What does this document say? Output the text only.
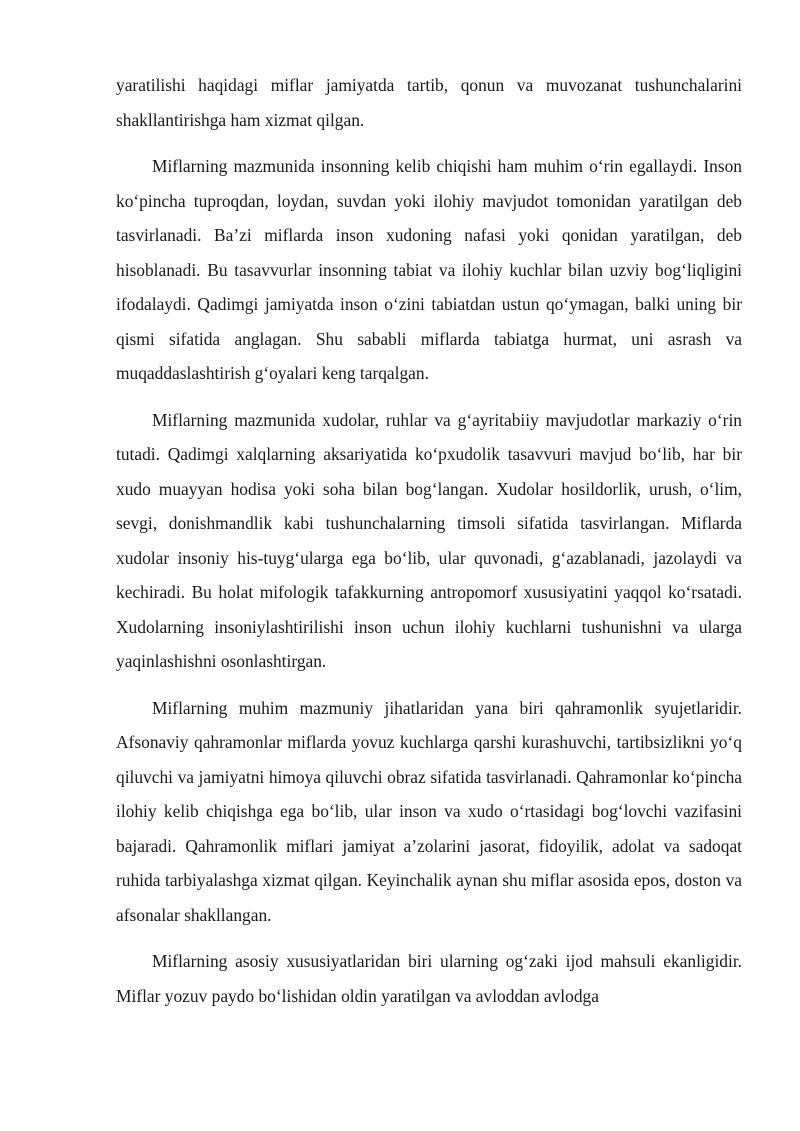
yaratilishi haqidagi miflar jamiyatda tartib, qonun va muvozanat tushunchalarini shakllantirishga ham xizmat qilgan.

Miflarning mazmunida insonning kelib chiqishi ham muhim o‘rin egallaydi. Inson ko‘pincha tuproqdan, loydan, suvdan yoki ilohiy mavjudot tomonidan yaratilgan deb tasvirlanadi. Ba’zi miflarda inson xudoning nafasi yoki qonidan yaratilgan, deb hisoblanadi. Bu tasavvurlar insonning tabiat va ilohiy kuchlar bilan uzviy bog‘liqligini ifodalaydi. Qadimgi jamiyatda inson o‘zini tabiatdan ustun qo‘ymagan, balki uning bir qismi sifatida anglagan. Shu sababli miflarda tabiatga hurmat, uni asrash va muqaddaslashtirish g‘oyalari keng tarqalgan.

Miflarning mazmunida xudolar, ruhlar va g‘ayritabiiy mavjudotlar markaziy o‘rin tutadi. Qadimgi xalqlarning aksariyatida ko‘pxudolik tasavvuri mavjud bo‘lib, har bir xudo muayyan hodisa yoki soha bilan bog‘langan. Xudolar hosildorlik, urush, o‘lim, sevgi, donishmandlik kabi tushunchalarning timsoli sifatida tasvirlangan. Miflarda xudolar insoniy his-tuyg‘ularga ega bo‘lib, ular quvonadi, g‘azablanadi, jazolaydi va kechiradi. Bu holat mifologik tafakkurning antropomorf xususiyatini yaqqol ko‘rsatadi. Xudolarning insoniylashtirilishi inson uchun ilohiy kuchlarni tushunishni va ularga yaqinlashishni osonlashtirgan.

Miflarning muhim mazmuniy jihatlaridan yana biri qahramonlik syujetlaridir. Afsonaviy qahramonlar miflarda yovuz kuchlarga qarshi kurashuvchi, tartibsizlikni yo‘q qiluvchi va jamiyatni himoya qiluvchi obraz sifatida tasvirlanadi. Qahramonlar ko‘pincha ilohiy kelib chiqishga ega bo‘lib, ular inson va xudo o‘rtasidagi bog‘lovchi vazifasini bajaradi. Qahramonlik miflari jamiyat a’zolarini jasorat, fidoyilik, adolat va sadoqat ruhida tarbiyalashga xizmat qilgan. Keyinchalik aynan shu miflar asosida epos, doston va afsonalar shakllangan.

Miflarning asosiy xususiyatlaridan biri ularning og‘zaki ijod mahsuli ekanligidir. Miflar yozuv paydo bo‘lishidan oldin yaratilgan va avloddan avlodga
